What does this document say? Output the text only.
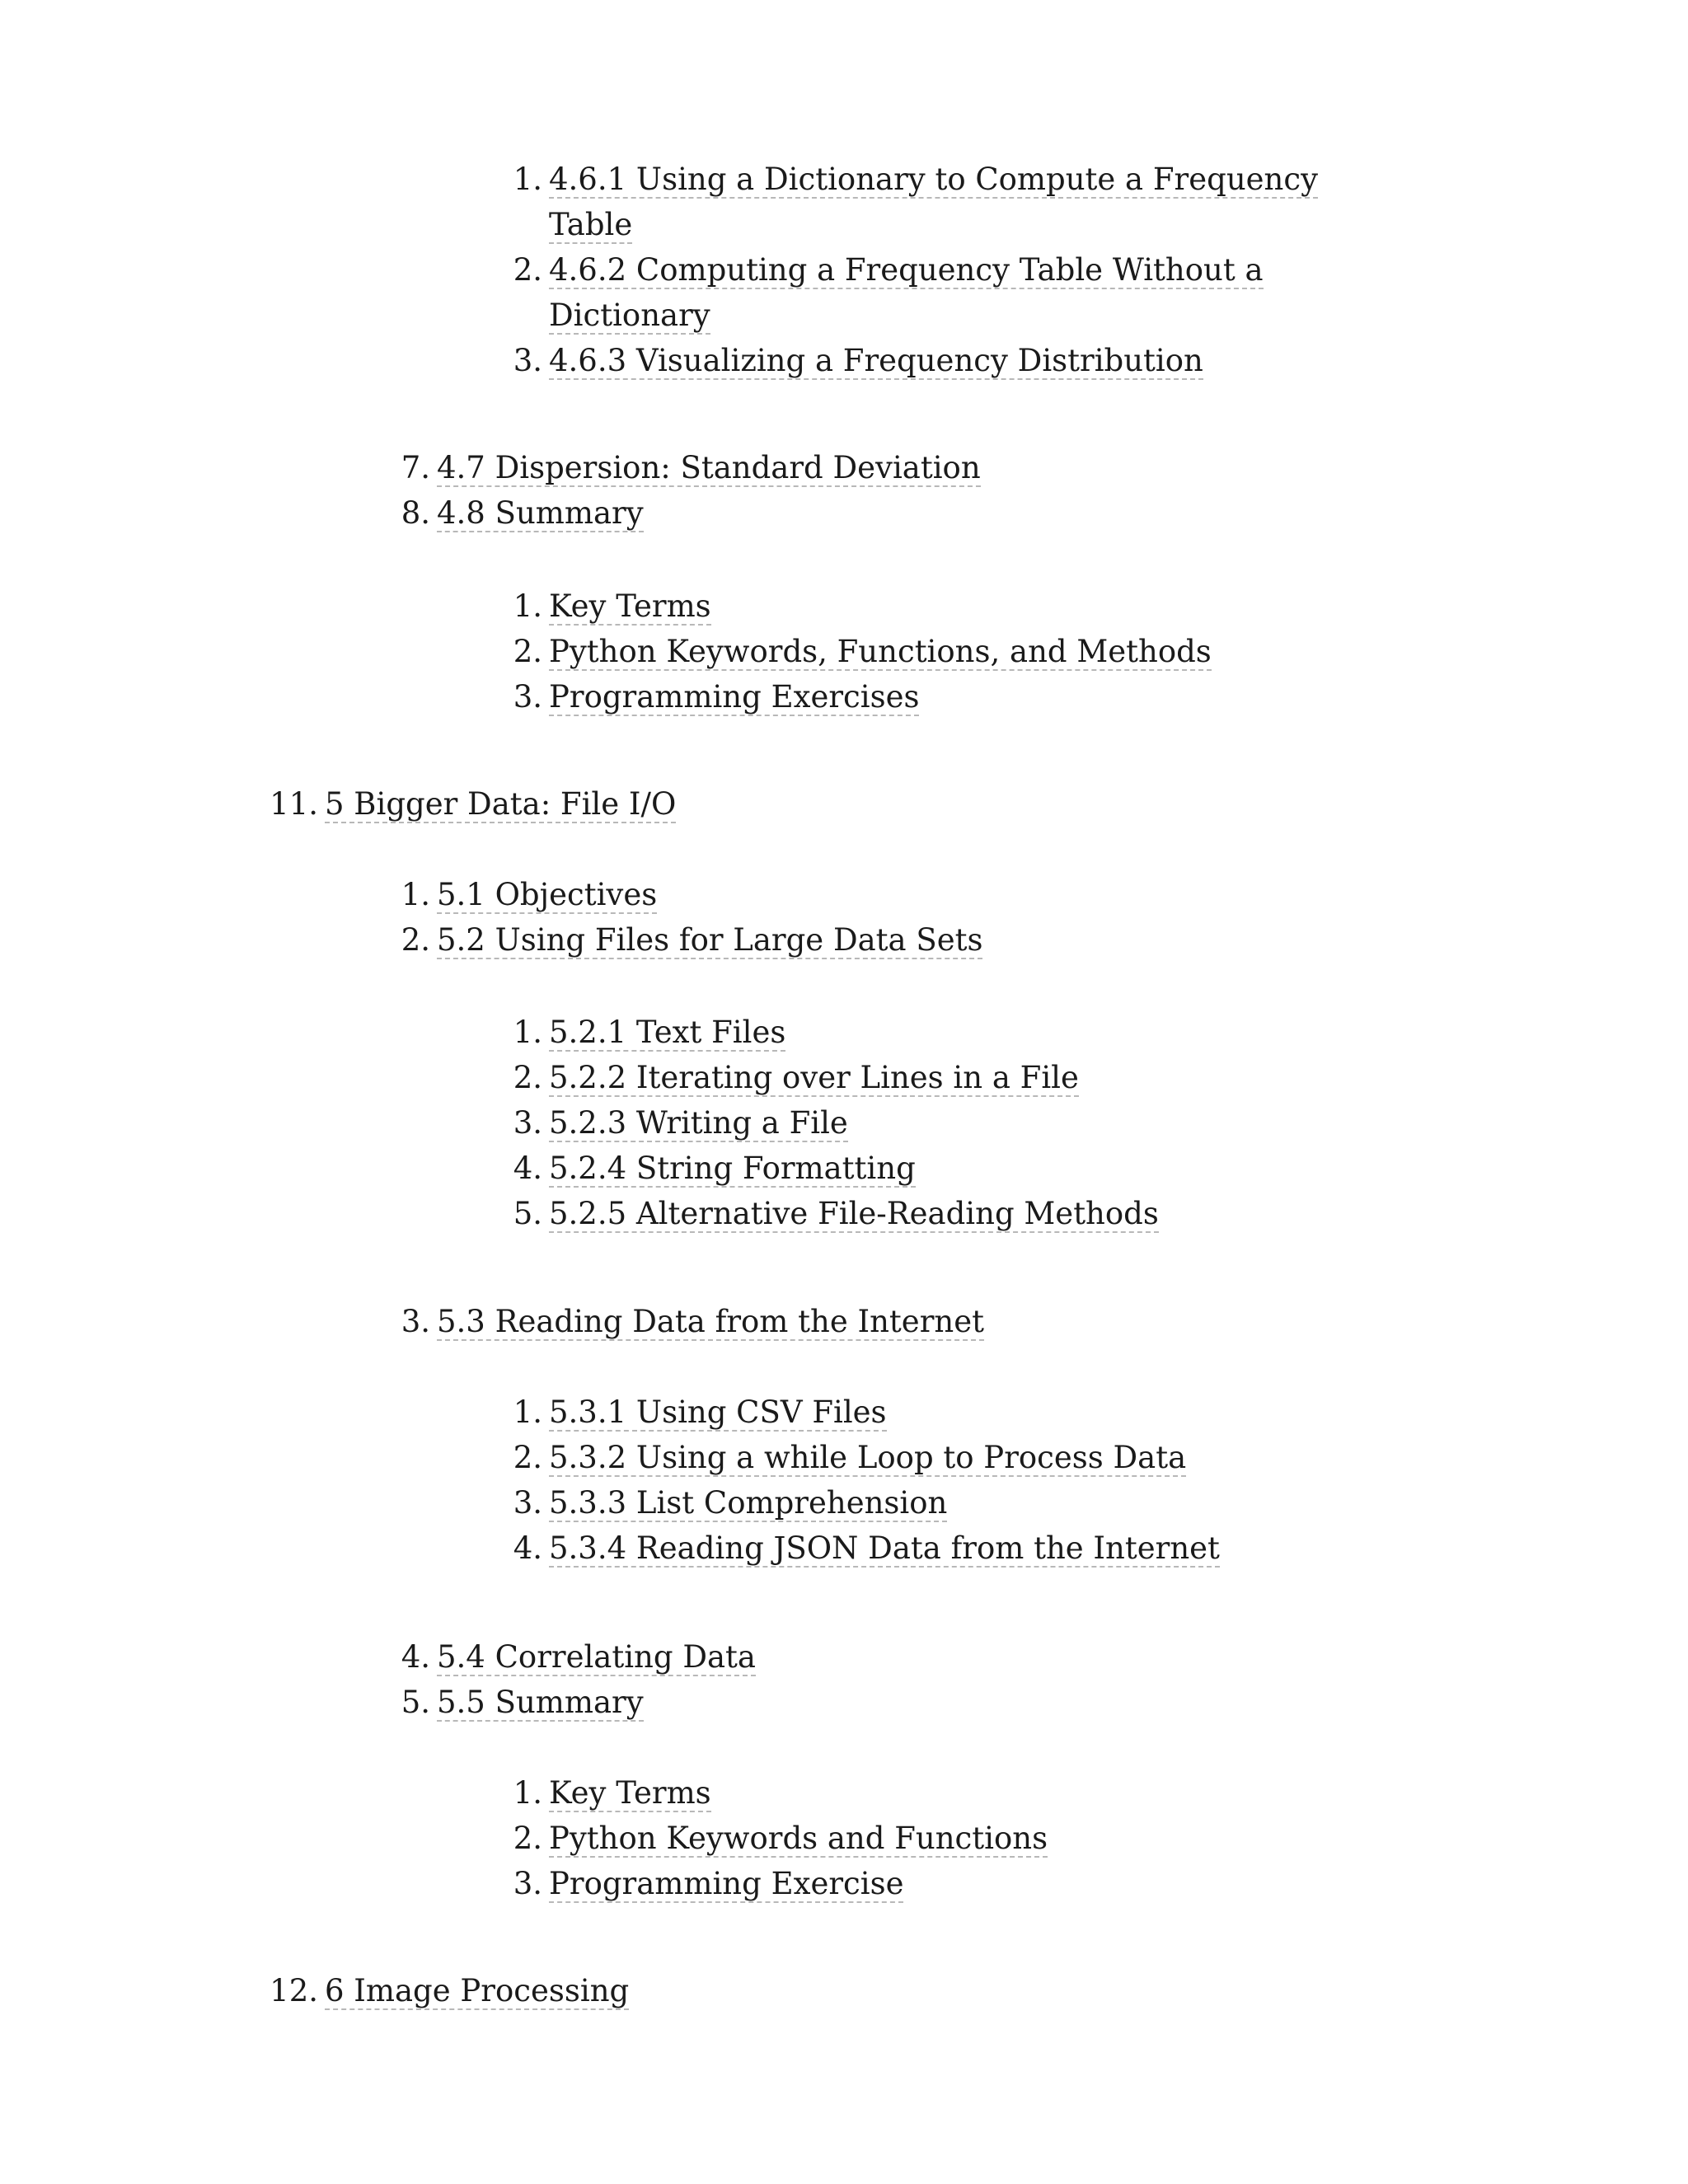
1. 4.6.1 Using a Dictionary to Compute a Frequency
Table
2. 4.6.2 Computing a Frequency Table Without a
Dictionary
3. 4.6.3 Visualizing a Frequency Distribution
7. 4.7 Dispersion: Standard Deviation
8. 4.8 Summary
1. Key Terms
2. Python Keywords, Functions, and Methods
3. Programming Exercises
11. 5 Bigger Data: File I/O
1. 5.1 Objectives
2. 5.2 Using Files for Large Data Sets
1. 5.2.1 Text Files
2. 5.2.2 Iterating over Lines in a File
3. 5.2.3 Writing a File
4. 5.2.4 String Formatting
5. 5.2.5 Alternative File-Reading Methods
3. 5.3 Reading Data from the Internet
1. 5.3.1 Using CSV Files
2. 5.3.2 Using a while Loop to Process Data
3. 5.3.3 List Comprehension
4. 5.3.4 Reading JSON Data from the Internet
4. 5.4 Correlating Data
5. 5.5 Summary
1. Key Terms
2. Python Keywords and Functions
3. Programming Exercise
12. 6 Image Processing
